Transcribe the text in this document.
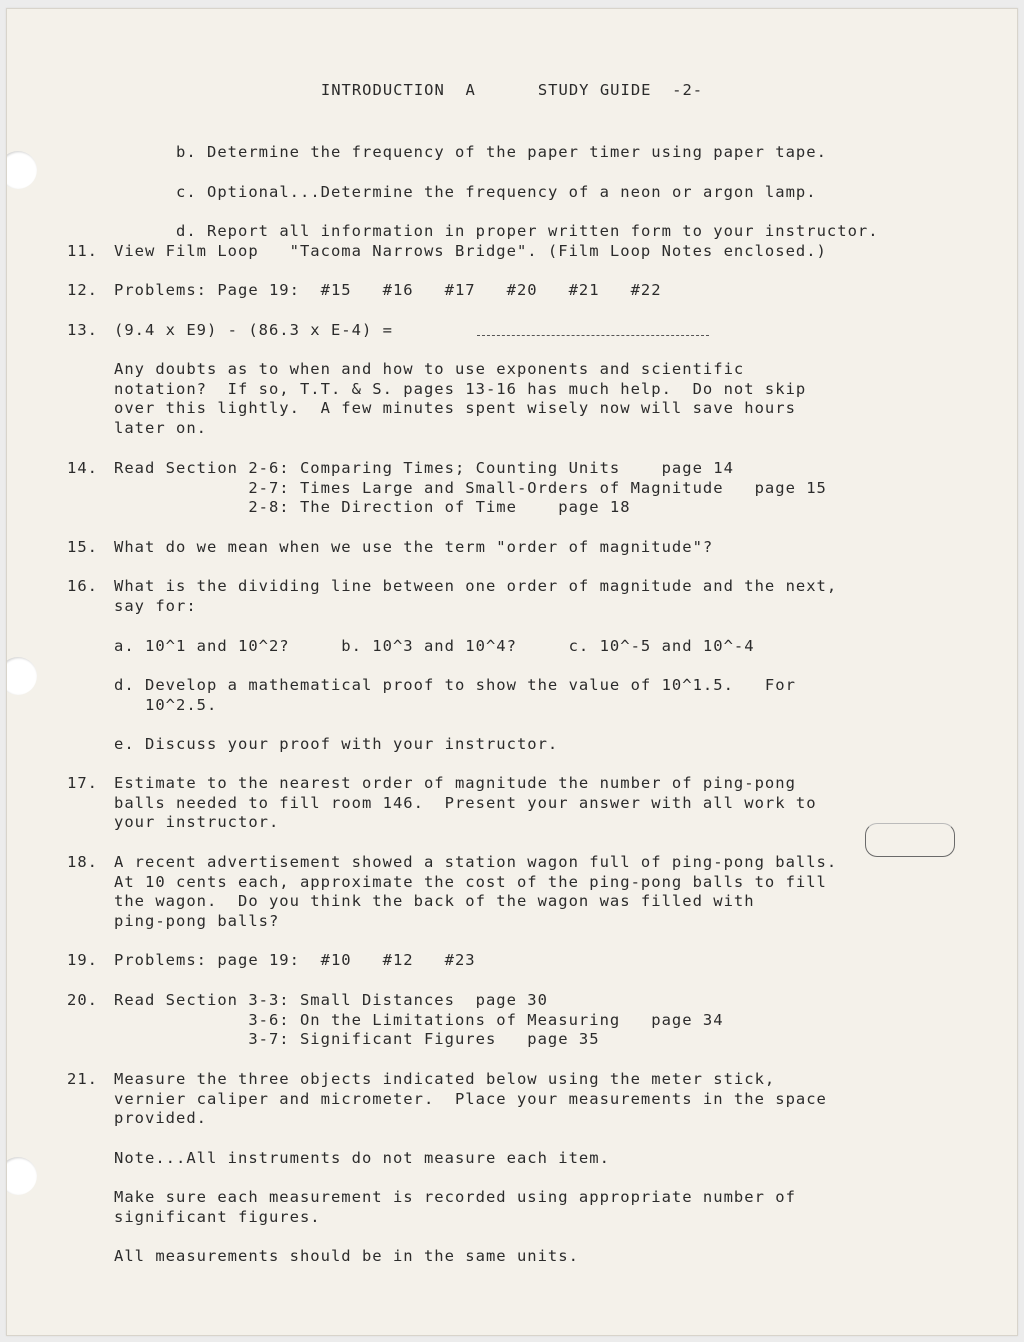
INTRODUCTION  A      STUDY GUIDE  -2-

b. Determine the frequency of the paper timer using paper tape.

c. Optional...Determine the frequency of a neon or argon lamp.

d. Report all information in proper written form to your instructor.

11.	View Film Loop   "Tacoma Narrows Bridge". (Film Loop Notes enclosed.)
12.	Problems: Page 19:  #15   #16   #17   #20   #21   #22
13.	(9.4 x E9) - (86.3 x E-4) =
Any doubts as to when and how to use exponents and scientific
notation?  If so, T.T. & S. pages 13-16 has much help.  Do not skip
over this lightly.  A few minutes spent wisely now will save hours
later on.
14.	Read Section 2-6: Comparing Times; Counting Units    page 14
2-7: Times Large and Small-Orders of Magnitude   page 15
2-8: The Direction of Time    page 18
15.	What do we mean when we use the term "order of magnitude"?
16.	What is the dividing line between one order of magnitude and the next,
say for:
a. 10^1 and 10^2?     b. 10^3 and 10^4?     c. 10^-5 and 10^-4
d. Develop a mathematical proof to show the value of 10^1.5.   For
10^2.5.
e. Discuss your proof with your instructor.
17.	Estimate to the nearest order of magnitude the number of ping-pong
balls needed to fill room 146.  Present your answer with all work to
your instructor.
18.	A recent advertisement showed a station wagon full of ping-pong balls.
At 10 cents each, approximate the cost of the ping-pong balls to fill
the wagon.  Do you think the back of the wagon was filled with
ping-pong balls?
19.	Problems: page 19:  #10   #12   #23
20.	Read Section 3-3: Small Distances  page 30
3-6: On the Limitations of Measuring   page 34
3-7: Significant Figures   page 35
21.	Measure the three objects indicated below using the meter stick,
vernier caliper and micrometer.  Place your measurements in the space
provided.
Note...All instruments do not measure each item.
Make sure each measurement is recorded using appropriate number of
significant figures.
All measurements should be in the same units.
